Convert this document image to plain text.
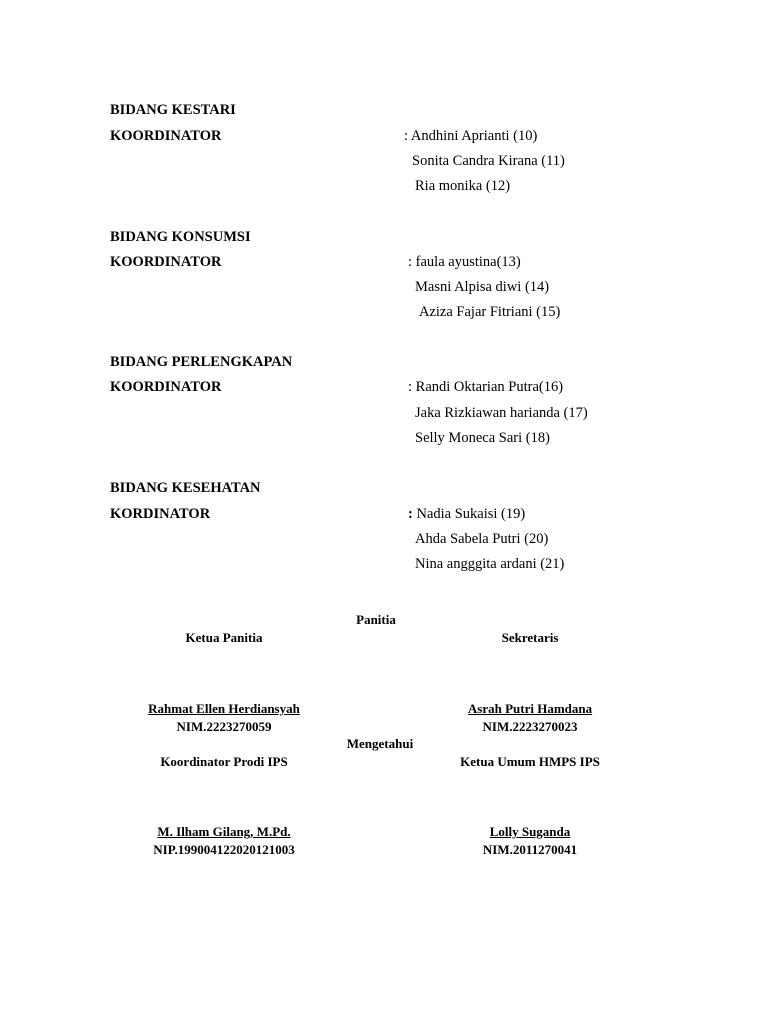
BIDANG KESTARI
KOORDINATOR	: Andhini Aprianti (10)
Sonita Candra Kirana (11)
Ria monika (12)
BIDANG KONSUMSI
KOORDINATOR	: faula ayustina(13)
Masni Alpisa diwi (14)
Aziza Fajar Fitriani (15)
BIDANG PERLENGKAPAN
KOORDINATOR	: Randi Oktarian Putra(16)
Jaka Rizkiawan harianda (17)
Selly Moneca Sari (18)
BIDANG KESEHATAN
KORDINATOR	: Nadia Sukaisi (19)
Ahda Sabela Putri (20)
Nina angggita ardani (21)
Panitia
Ketua Panitia	Sekretaris
Rahmat Ellen Herdiansyah	Asrah Putri Hamdana
NIM.2223270059	NIM.2223270023
Mengetahui
Koordinator Prodi IPS	Ketua Umum HMPS IPS
M. Ilham Gilang, M.Pd.	Lolly Suganda
NIP.199004122020121003	NIM.2011270041
